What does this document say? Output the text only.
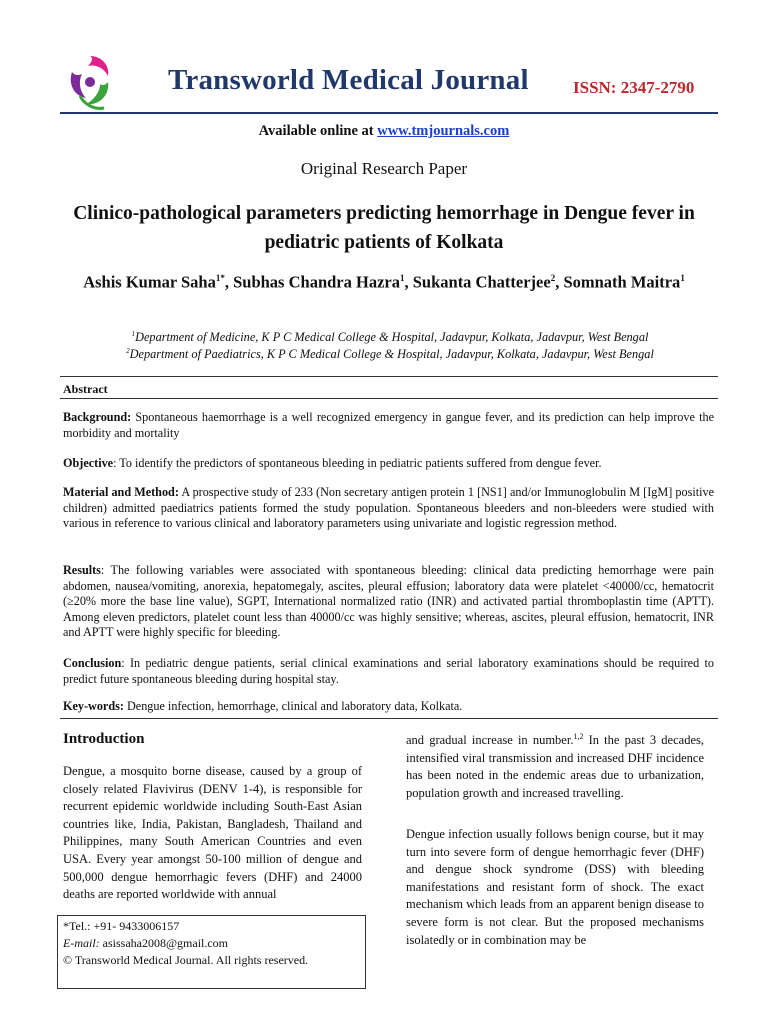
Transworld Medical Journal	ISSN: 2347-2790
Available online at www.tmjournals.com
Original Research Paper
Clinico-pathological parameters predicting hemorrhage in Dengue fever in pediatric patients of Kolkata
Ashis Kumar Saha$^{1*}$, Subhas Chandra Hazra$^1$, Sukanta Chatterjee$^2$, Somnath Maitra$^1$
$^1$Department of Medicine, K P C Medical College & Hospital, Jadavpur, Kolkata, Jadavpur, West Bengal
$^2$Department of Paediatrics, K P C Medical College & Hospital, Jadavpur, Kolkata, Jadavpur, West Bengal
Abstract
Background: Spontaneous haemorrhage is a well recognized emergency in gangue fever, and its prediction can help improve the morbidity and mortality
Objective: To identify the predictors of spontaneous bleeding in pediatric patients suffered from dengue fever.
Material and Method: A prospective study of 233 (Non secretary antigen protein 1 [NS1] and/or Immunoglobulin M [IgM] positive children) admitted paediatrics patients formed the study population. Spontaneous bleeders and non-bleeders were studied with various in reference to various clinical and laboratory parameters using univariate and logistic regression method.
Results: The following variables were associated with spontaneous bleeding: clinical data predicting hemorrhage were pain abdomen, nausea/vomiting, anorexia, hepatomegaly, ascites, pleural effusion; laboratory data were platelet <40000/cc, hematocrit (≥20% more the base line value), SGPT, International normalized ratio (INR) and activated partial thromboplastin time (APTT). Among eleven predictors, platelet count less than 40000/cc was highly sensitive; whereas, ascites, pleural effusion, hematocrit, INR and APTT were highly specific for bleeding.
Conclusion: In pediatric dengue patients, serial clinical examinations and serial laboratory examinations should be required to predict future spontaneous bleeding during hospital stay.
Key-words: Dengue infection, hemorrhage, clinical and laboratory data, Kolkata.
Introduction
Dengue, a mosquito borne disease, caused by a group of closely related Flavivirus (DENV 1-4), is responsible for recurrent epidemic worldwide including South-East Asian countries like, India, Pakistan, Bangladesh, Thailand and Philippines, many South American Countries and even USA. Every year amongst 50-100 million of dengue and 500,000 dengue hemorrhagic fevers (DHF) and 24000 deaths are reported worldwide with annual
and gradual increase in number.$^{1,2}$ In the past 3 decades, intensified viral transmission and increased DHF incidence has been noted in the endemic areas due to urbanization, population growth and increased travelling.
Dengue infection usually follows benign course, but it may turn into severe form of dengue hemorrhagic fever (DHF) and dengue shock syndrome (DSS) with bleeding manifestations and resistant form of shock. The exact mechanism which leads from an apparent benign disease to severe form is not clear. But the proposed mechanisms isolatedly or in combination may be
*Tel.: +91- 9433006157
E-mail: asissaha2008@gmail.com
© Transworld Medical Journal. All rights reserved.
